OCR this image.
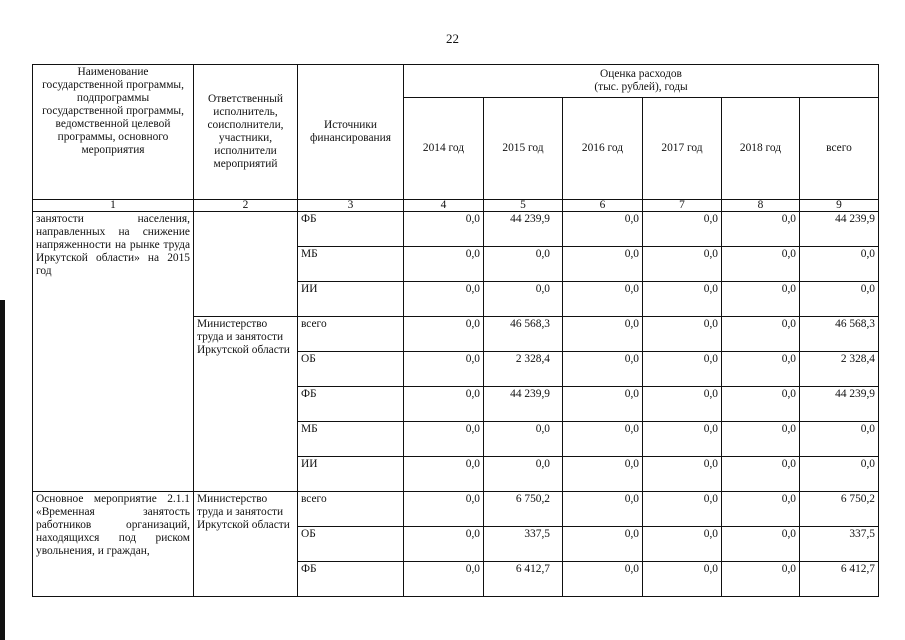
22
Наименование государственной программы, подпрограммы государственной программы, ведомственной целевой программы, основного мероприятия	Ответственный исполнитель, соисполнители, участники, исполнители мероприятий	Источники финансирования	Оценка расходов
(тыс. рублей), годы					

			2014 год	2015 год	2016 год	2017 год	2018 год	всего
1	2	3	4	5	6	7	8	9
занятости населения, направленных на снижение напряженности на рынке труда Иркутской области» на 2015 год		ФБ	0,0	44 239,9	0,0	0,0	0,0	44 239,9
		МБ	0,0	0,0	0,0	0,0	0,0	0,0
		ИИ	0,0	0,0	0,0	0,0	0,0	0,0
	Министерство труда и занятости Иркутской области	всего	0,0	46 568,3	0,0	0,0	0,0	46 568,3
		ОБ	0,0	2 328,4	0,0	0,0	0,0	2 328,4
		ФБ	0,0	44 239,9	0,0	0,0	0,0	44 239,9
		МБ	0,0	0,0	0,0	0,0	0,0	0,0
		ИИ	0,0	0,0	0,0	0,0	0,0	0,0
Основное мероприятие 2.1.1 «Временная занятость работников организаций, находящихся под риском увольнения, и граждан,	Министерство труда и занятости Иркутской области	всего	0,0	6 750,2	0,0	0,0	0,0	6 750,2
		ОБ	0,0	337,5	0,0	0,0	0,0	337,5
		ФБ	0,0	6 412,7	0,0	0,0	0,0	6 412,7
